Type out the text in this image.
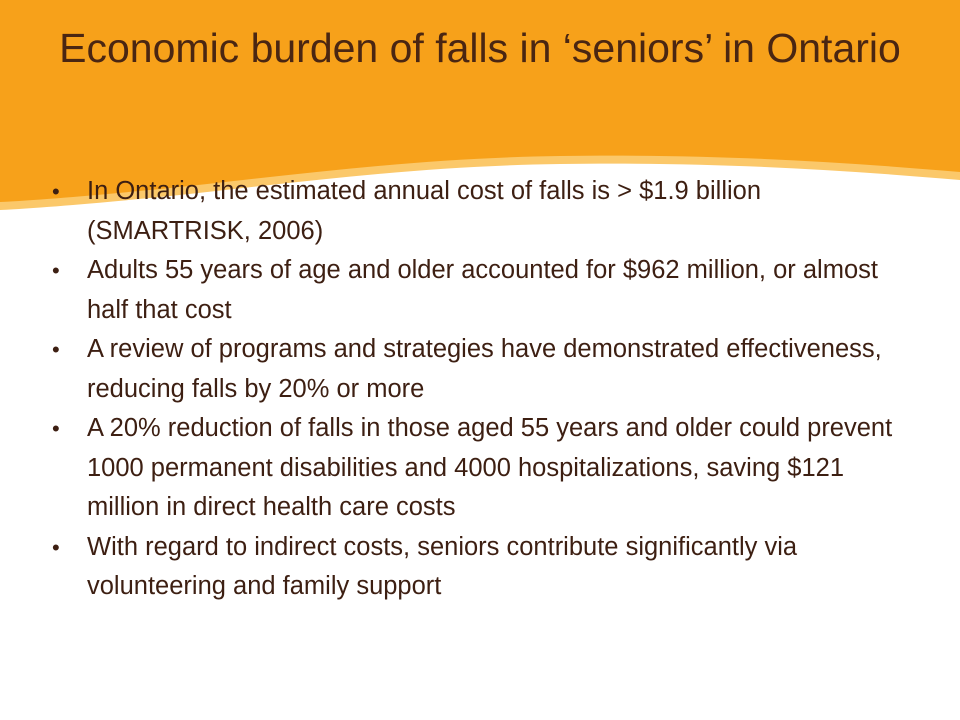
Economic burden of falls in ‘seniors’ in Ontario
• In Ontario, the estimated annual cost of falls is > $1.9 billion (SMARTRISK, 2006)
• Adults 55 years of age and older accounted for $962 million, or almost half that cost
• A review of programs and strategies have demonstrated effectiveness, reducing falls by 20% or more
• A 20% reduction of falls in those aged 55 years and older could prevent 1000 permanent disabilities and 4000 hospitalizations, saving $121 million in direct health care costs
• With regard to indirect costs, seniors contribute significantly via volunteering and family support
